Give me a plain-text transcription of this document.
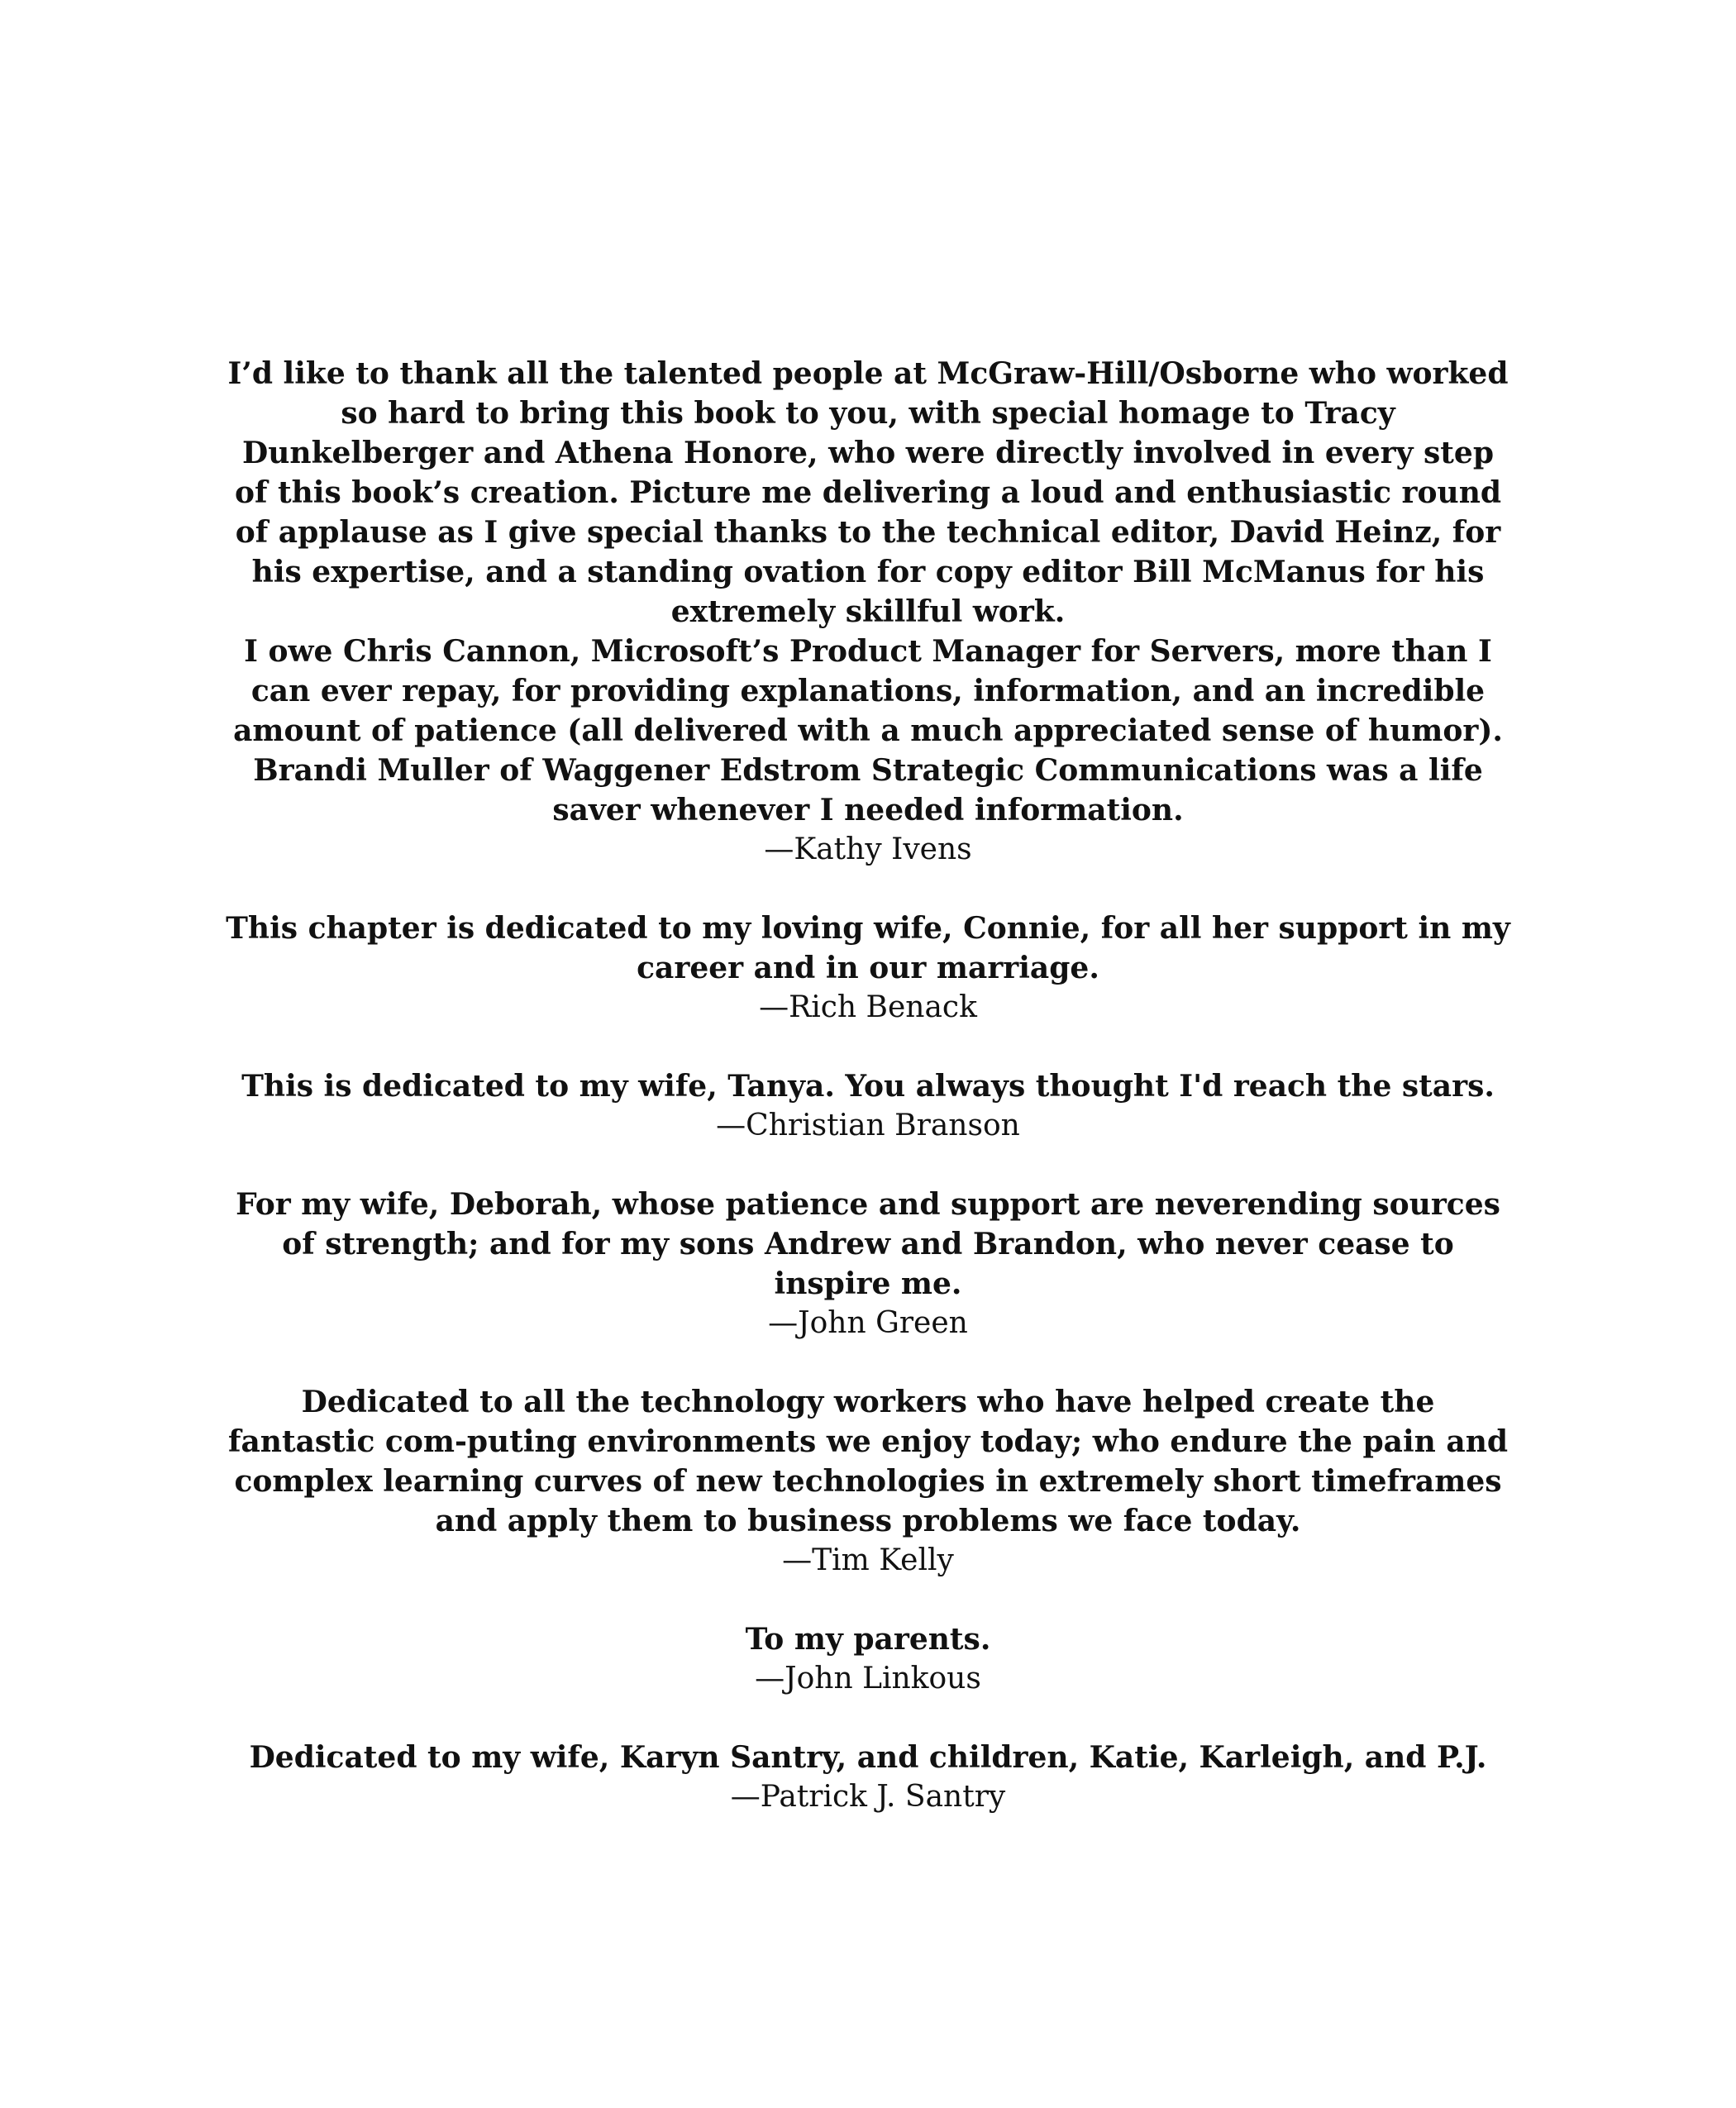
I’d like to thank all the talented people at McGraw-Hill/Osborne who worked so hard to bring this book to you, with special homage to Tracy Dunkelberger and Athena Honore, who were directly involved in every step of this book’s creation. Picture me delivering a loud and enthusiastic round of applause as I give special thanks to the technical editor, David Heinz, for his expertise, and a standing ovation for copy editor Bill McManus for his extremely skillful work.

I owe Chris Cannon, Microsoft’s Product Manager for Servers, more than I can ever repay, for providing explanations, information, and an incredible amount of patience (all delivered with a much appreciated sense of humor). Brandi Muller of Waggener Edstrom Strategic Communications was a life saver whenever I needed information.

—Kathy Ivens

This chapter is dedicated to my loving wife, Connie, for all her support in my career and in our marriage.

—Rich Benack

This is dedicated to my wife, Tanya. You always thought I'd reach the stars.

—Christian Branson

For my wife, Deborah, whose patience and support are neverending sources of strength; and for my sons Andrew and Brandon, who never cease to inspire me.

—John Green

Dedicated to all the technology workers who have helped create the fantastic com-puting environments we enjoy today; who endure the pain and complex learning curves of new technologies in extremely short timeframes and apply them to business problems we face today.

—Tim Kelly

To my parents.

—John Linkous

Dedicated to my wife, Karyn Santry, and children, Katie, Karleigh, and P.J.

—Patrick J. Santry
